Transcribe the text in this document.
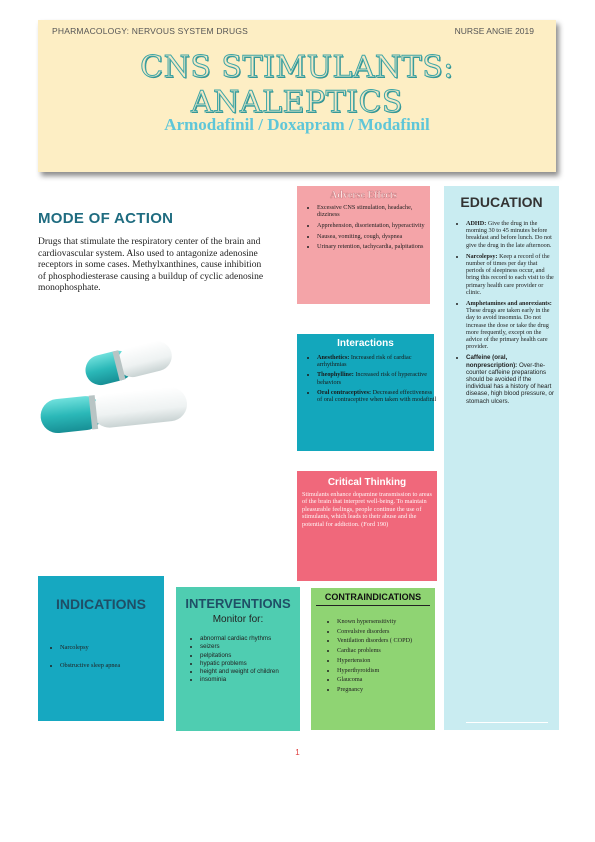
PHARMACOLOGY: NERVOUS SYSTEM DRUGS	NURSE ANGIE 2019
CNS STIMULANTS: ANALEPTICS
Armodafinil / Doxapram / Modafinil
MODE OF ACTION
Drugs that stimulate the respiratory center of the brain and cardiovascular system. Also used to antagonize adenosine receptors in some cases. Methylxanthines, cause inhibition of phosphodiesterase causing a buildup of cyclic adenosine monophosphate.
Adverse Effects
• Excessive CNS stimulation, headache, dizziness
• Apprehension, disorientation, hyperactivity
• Nausea, vomiting, cough, dyspnea
• Urinary retention, tachycardia, palpitations
Interactions
• Anesthetics: Increased risk of cardiac arrhythmias
• Theophylline: Increased risk of hyperactive behaviors
• Oral contraceptives: Decreased effectiveness of oral contraceptive when taken with modafinil
Critical Thinking
Stimulants enhance dopamine transmission to areas of the brain that interpret well-being. To maintain pleasurable feelings, people continue the use of stimulants, which leads to their abuse and the potential for addiction. (Ford 190)
EDUCATION
• ADHD: Give the drug in the morning 30 to 45 minutes before breakfast and before lunch. Do not give the drug in the late afternoon.
• Narcolepsy: Keep a record of the number of times per day that periods of sleepiness occur, and bring this record to each visit to the primary health care provider or clinic.
• Amphetamines and anorexiants: These drugs are taken early in the day to avoid insomnia. Do not increase the dose or take the drug more frequently, except on the advice of the primary health care provider.
• Caffeine (oral, nonprescription): Over-the-counter caffeine preparations should be avoided if the individual has a history of heart disease, high blood pressure, or stomach ulcers.
INDICATIONS
• Narcolepsy
• Obstructive sleep apnea
INTERVENTIONS
Monitor for:
• abnormal cardiac rhythms
• seizers
• pelpitations
• hypatic problems
• height and weight of children
• insominia
CONTRAINDICATIONS
• Known hypersensitivity
• Convulsive disorders
• Ventilation disorders ( COPD)
• Cardiac problems
• Hypertension
• Hyperthyroidism
• Glaucoma
• Pregnancy
1
